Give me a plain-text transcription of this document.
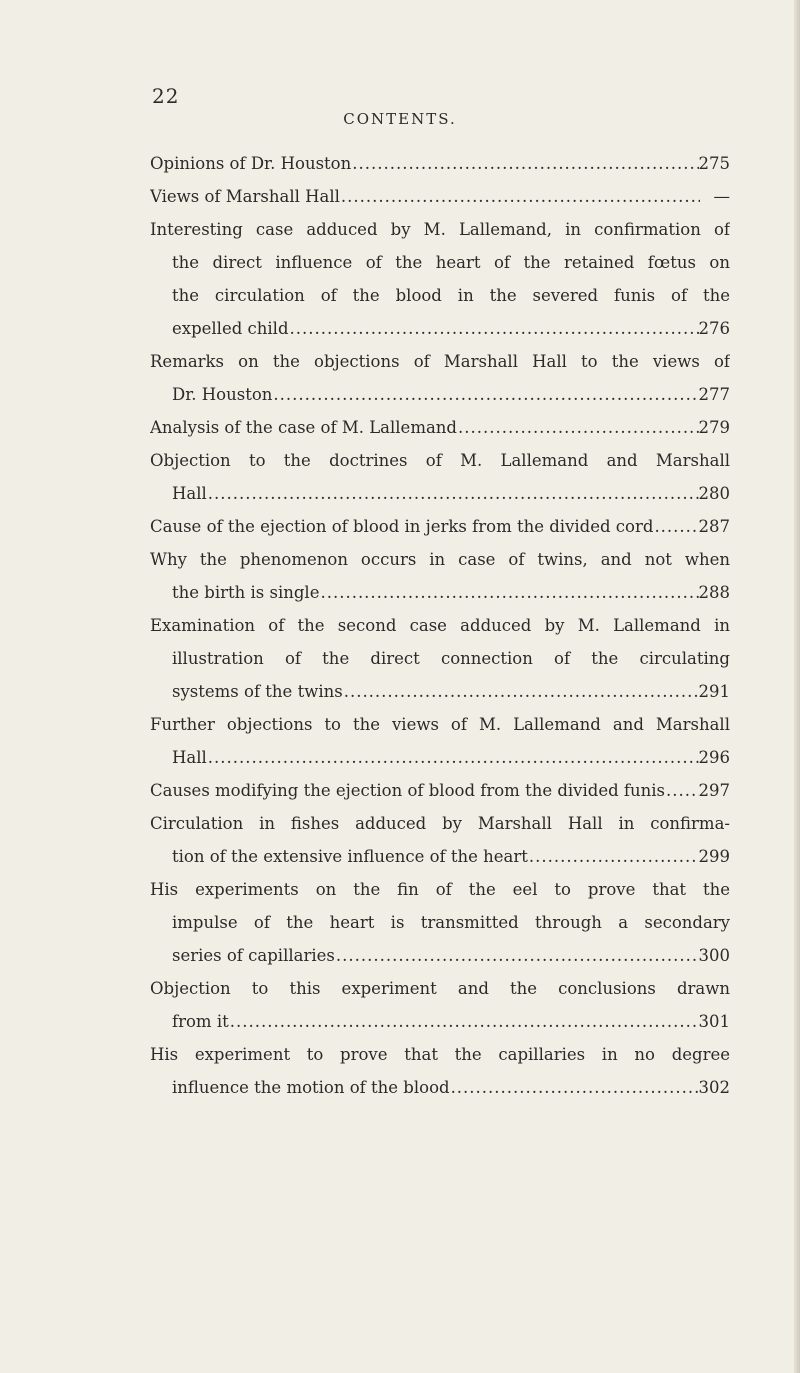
22
CONTENTS.
Opinions of Dr. Houston .....	275
Views of Marshall Hall .....	—
Interesting case adduced by M. Lallemand, in confirmation of
the direct influence of the heart of the retained fœtus on
the circulation of the blood in the severed funis of the
expelled child .....	276
Remarks on the objections of Marshall Hall to the views of
Dr. Houston .....	277
Analysis of the case of M. Lallemand .....	279
Objection to the doctrines of M. Lallemand and Marshall
Hall .....	280
Cause of the ejection of blood in jerks from the divided cord .....	287
Why the phenomenon occurs in case of twins, and not when
the birth is single .....	288
Examination of the second case adduced by M. Lallemand in
illustration of the direct connection of the circulating
systems of the twins .....	291
Further objections to the views of M. Lallemand and Marshall
Hall .....	296
Causes modifying the ejection of blood from the divided funis ..... 297
Circulation in fishes adduced by Marshall Hall in confirma-
tion of the extensive influence of the heart .....	299
His experiments on the fin of the eel to prove that the
impulse of the heart is transmitted through a secondary
series of capillaries .....	300
Objection to this experiment and the conclusions drawn
from it .....	301
His experiment to prove that the capillaries in no degree
influence the motion of the blood .....	302
